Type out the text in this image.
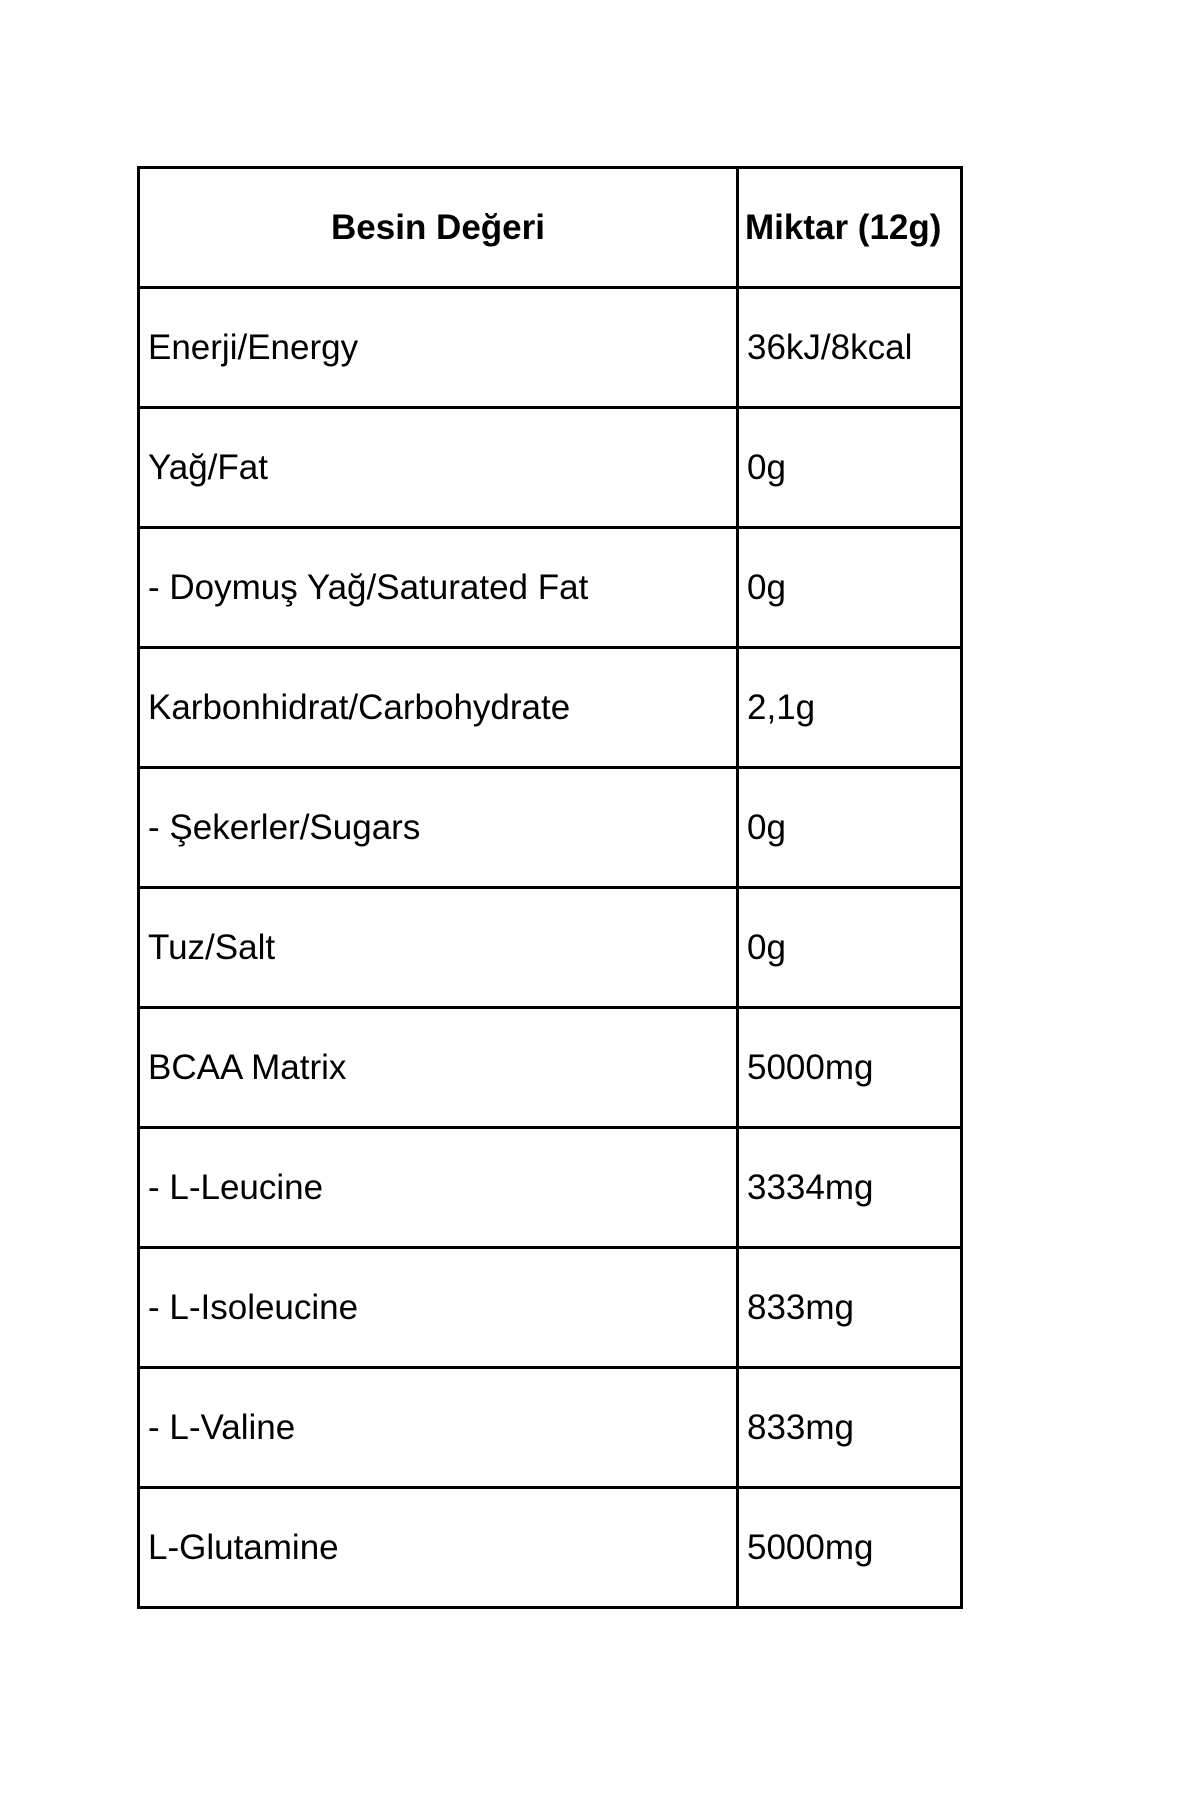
Besin Değeri	Miktar (12g)
Enerji/Energy	36kJ/8kcal
Yağ/Fat	0g
- Doymuş Yağ/Saturated Fat	0g
Karbonhidrat/Carbohydrate	2,1g
- Şekerler/Sugars	0g
Tuz/Salt	0g
BCAA Matrix	5000mg
- L-Leucine	3334mg
- L-Isoleucine	833mg
- L-Valine	833mg
L-Glutamine	5000mg
